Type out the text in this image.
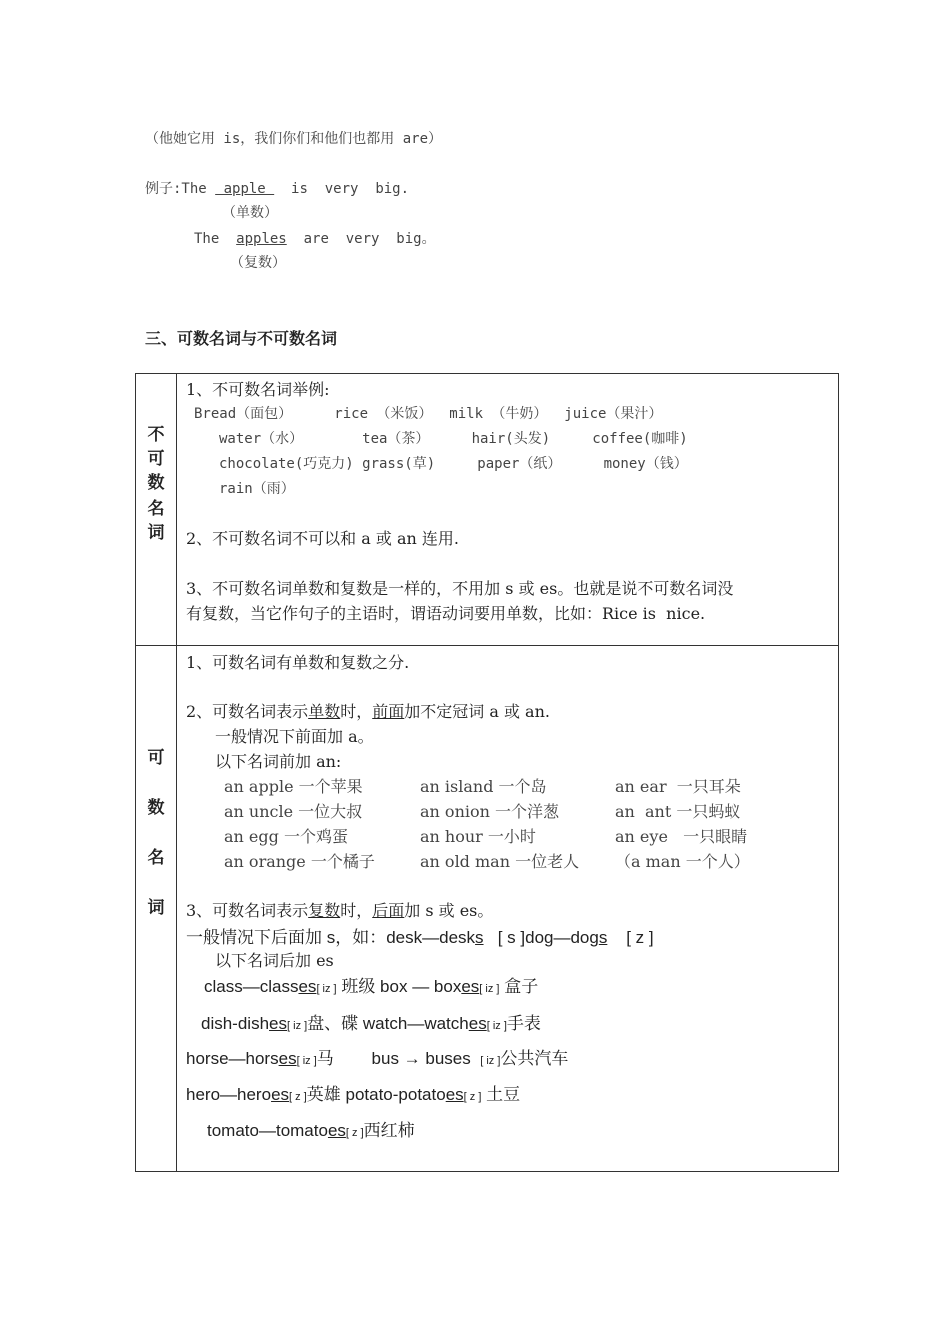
（他她它用 is，我们你们和他们也都用 are）
例子:The  apple   is  very  big.
（单数）
The  apples  are  very  big。
（复数）
三、可数名词与不可数名词
不
可
数
名
词
1、不可数名词举例:
Bread（面包）     rice （米饭）  milk （牛奶）  juice（果汁）
water（水）       tea（茶）     hair(头发)     coffee(咖啡)
chocolate(巧克力) grass(草)     paper（纸）     money（钱）
rain（雨）
2、不可数名词不可以和 a 或 an 连用.
3、不可数名词单数和复数是一样的，不用加 s 或 es。也就是说不可数名词没
有复数，当它作句子的主语时，谓语动词要用单数，比如：Rice is  nice.
可
数
名
词
1、可数名词有单数和复数之分.
2、可数名词表示单数时，前面加不定冠词 a 或 an.
一般情况下前面加 a。
以下名词前加 an:
an apple 一个苹果
an uncle 一位大叔
an egg 一个鸡蛋
an orange 一个橘子
an island 一个岛
an onion 一个洋葱
an hour 一小时
an old man 一位老人
an ear  一只耳朵
an  ant 一只蚂蚁
an eye   一只眼睛
（a man 一个人）
3、可数名词表示复数时，后面加 s 或 es。
一般情况下后面加 s，如：desk—desks   [ s ]dog—dogs    [ z ]
以下名词后加 es
class—classes[ iz ] 班级 box — boxes[ iz ] 盒子
dish-dishes[ iz ]盘、碟 watch—watches[ iz ]手表
horse—horses[ iz ]马        bus → buses  [ iz ]公共汽车
hero—heroes[ z ]英雄 potato-potatoes[ z ] 土豆
tomato—tomatoes[ z ]西红柿
